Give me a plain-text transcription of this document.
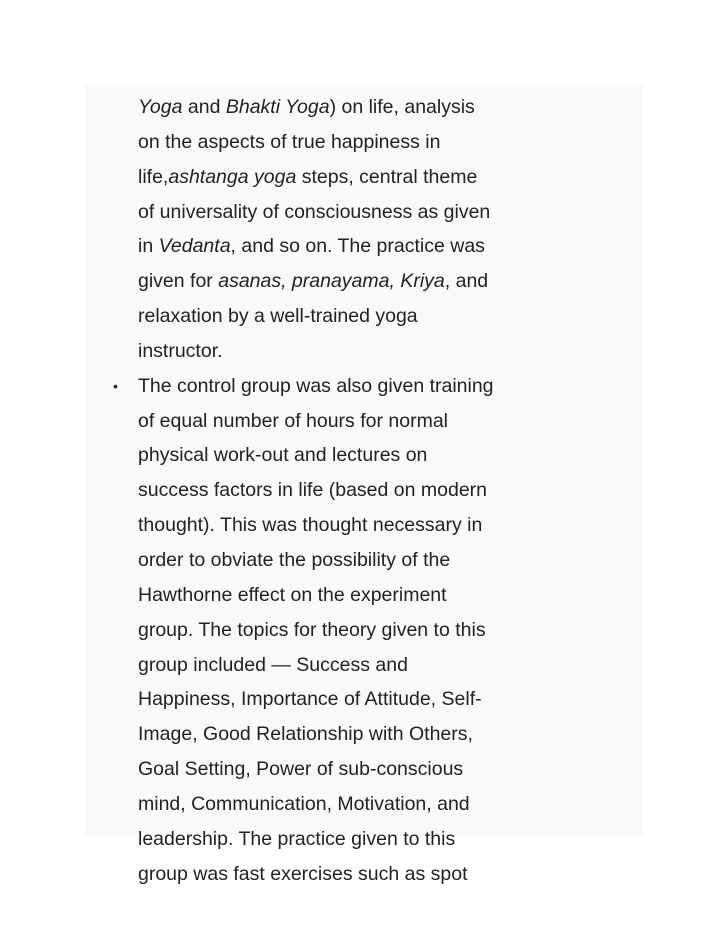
Yoga and Bhakti Yoga) on life, analysis
on the aspects of true happiness in
life,ashtanga yoga steps, central theme
of universality of consciousness as given
in Vedanta, and so on. The practice was
given for asanas, pranayama, Kriya, and
relaxation by a well-trained yoga
instructor.
• The control group was also given training
of equal number of hours for normal
physical work-out and lectures on
success factors in life (based on modern
thought). This was thought necessary in
order to obviate the possibility of the
Hawthorne effect on the experiment
group. The topics for theory given to this
group included — Success and
Happiness, Importance of Attitude, Self-
Image, Good Relationship with Others,
Goal Setting, Power of sub-conscious
mind, Communication, Motivation, and
leadership. The practice given to this
group was fast exercises such as spot
